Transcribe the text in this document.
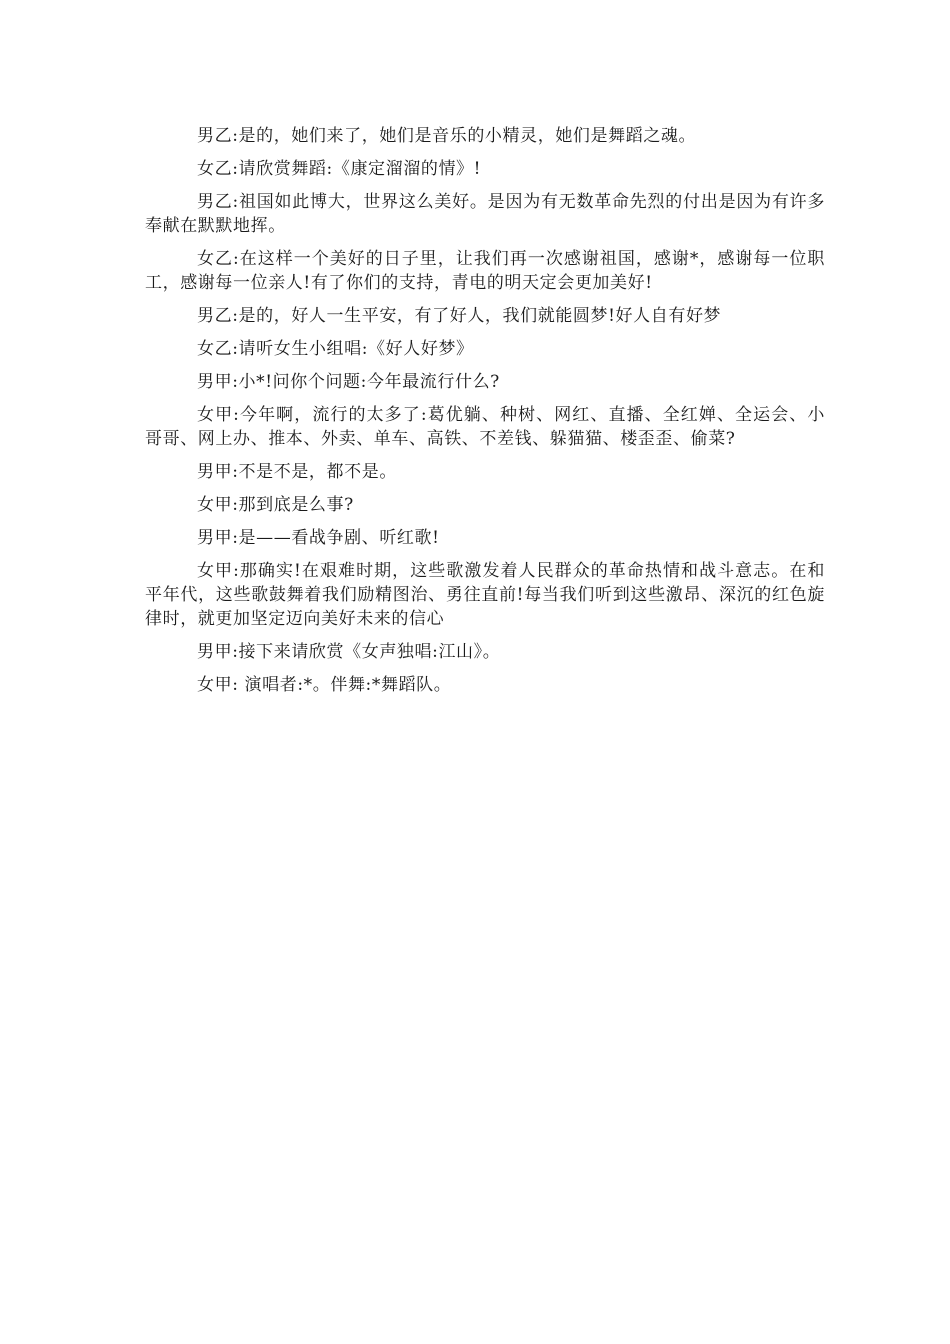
男乙:是的，她们来了，她们是音乐的小精灵，她们是舞蹈之魂。

女乙:请欣赏舞蹈:《康定溜溜的情》!

男乙:祖国如此博大，世界这么美好。是因为有无数革命先烈的付出是因为有许多奉献在默默地挥。

女乙:在这样一个美好的日子里，让我们再一次感谢祖国，感谢*，感谢每一位职工，感谢每一位亲人!有了你们的支持，青电的明天定会更加美好!

男乙:是的，好人一生平安，有了好人，我们就能圆梦!好人自有好梦

女乙:请听女生小组唱:《好人好梦》

男甲:小*!问你个问题:今年最流行什么?

女甲:今年啊，流行的太多了:葛优躺、种树、网红、直播、全红婵、全运会、小哥哥、网上办、推本、外卖、单车、高铁、不差钱、躲猫猫、楼歪歪、偷菜?

男甲:不是不是，都不是。

女甲:那到底是么事?

男甲:是——看战争剧、听红歌!

女甲:那确实!在艰难时期，这些歌激发着人民群众的革命热情和战斗意志。在和平年代，这些歌鼓舞着我们励精图治、勇往直前!每当我们听到这些激昂、深沉的红色旋律时，就更加坚定迈向美好未来的信心

男甲:接下来请欣赏《女声独唱:江山》。

女甲: 演唱者:*。伴舞:*舞蹈队。
